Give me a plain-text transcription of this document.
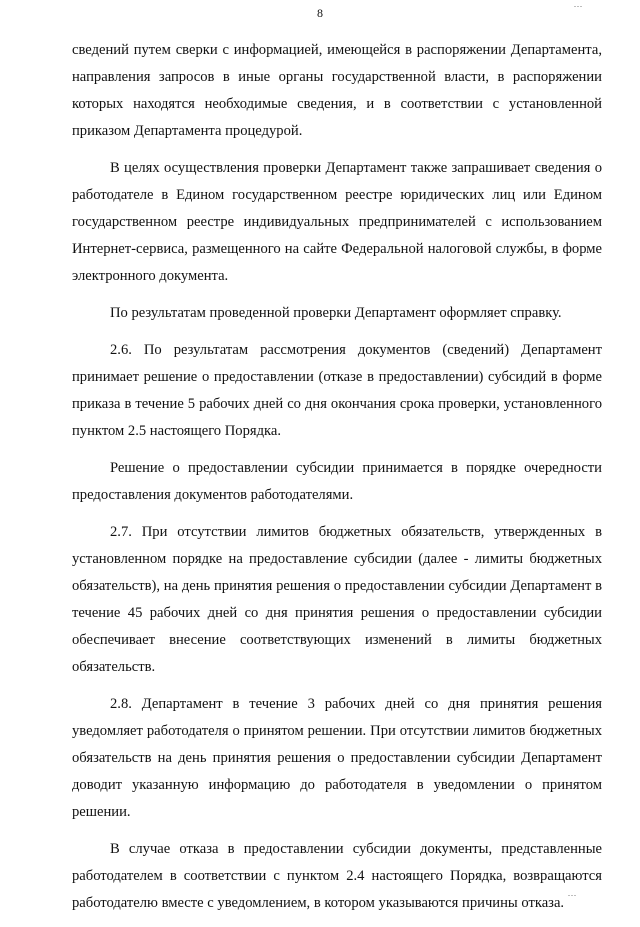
...
8

сведений путем сверки с информацией, имеющейся в распоряжении Департамента, направления запросов в иные органы государственной власти, в распоряжении которых находятся необходимые сведения, и в соответствии с установленной приказом Департамента процедурой.

В целях осуществления проверки Департамент также запрашивает сведения о работодателе в Едином государственном реестре юридических лиц или Едином государственном реестре индивидуальных предпринимателей с использованием Интернет-сервиса, размещенного на сайте Федеральной налоговой службы, в форме электронного документа.

По результатам проведенной проверки Департамент оформляет справку.

2.6. По результатам рассмотрения документов (сведений) Департамент принимает решение о предоставлении (отказе в предоставлении) субсидий в форме приказа в течение 5 рабочих дней со дня окончания срока проверки, установленного пунктом 2.5 настоящего Порядка.

Решение о предоставлении субсидии принимается в порядке очередности предоставления документов работодателями.

2.7. При отсутствии лимитов бюджетных обязательств, утвержденных в установленном порядке на предоставление субсидии (далее - лимиты бюджетных обязательств), на день принятия решения о предоставлении субсидии Департамент в течение 45 рабочих дней со дня принятия решения о предоставлении субсидии обеспечивает внесение соответствующих изменений в лимиты бюджетных обязательств.

2.8. Департамент в течение 3 рабочих дней со дня принятия решения уведомляет работодателя о принятом решении. При отсутствии лимитов бюджетных обязательств на день принятия решения о предоставлении субсидии Департамент доводит указанную информацию до работодателя в уведомлении о принятом решении.

В случае отказа в предоставлении субсидии документы, представленные работодателем в соответствии с пунктом 2.4 настоящего Порядка, возвращаются работодателю вместе с уведомлением, в котором указываются причины отказа.

...
